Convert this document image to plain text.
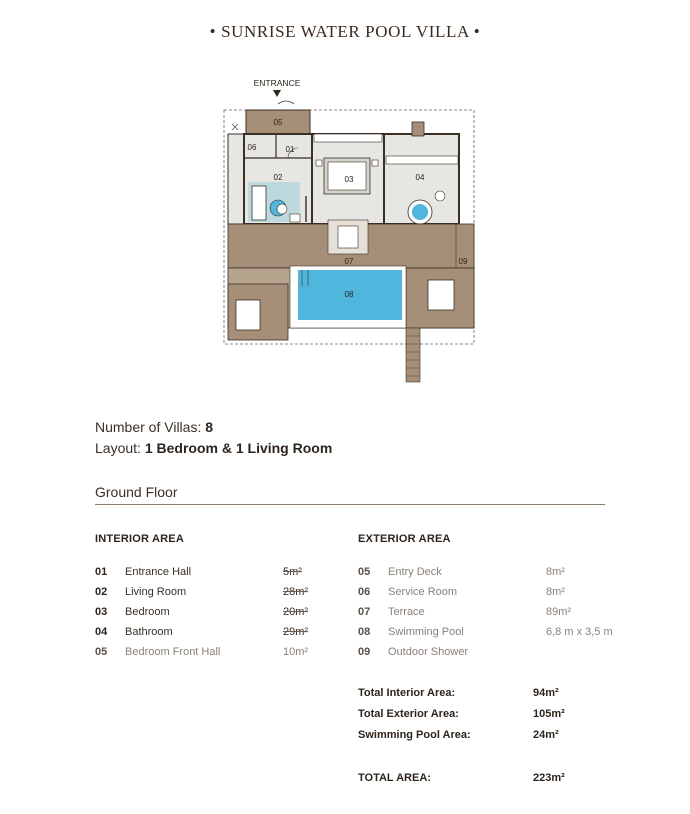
• SUNRISE WATER POOL VILLA •
ENTRANCE
05
06	01
02	03	04
07
08
09
Number of Villas: 8
Layout: 1 Bedroom & 1 Living Room
Ground Floor
INTERIOR AREA	EXTERIOR AREA
01 Entrance Hall	5m²
02 Living Room	28m²
03 Bedroom	20m²
04 Bathroom	29m²
05 Bedroom Front Hall	10m²
05 Entry Deck	8m²
06 Service Room	8m²
07 Terrace	89m²
08 Swimming Pool	6,8 m x 3,5 m
09 Outdoor Shower
Total Interior Area:	94m²
Total Exterior Area:	105m²
Swimming Pool Area:	24m²
TOTAL AREA:	223m²
